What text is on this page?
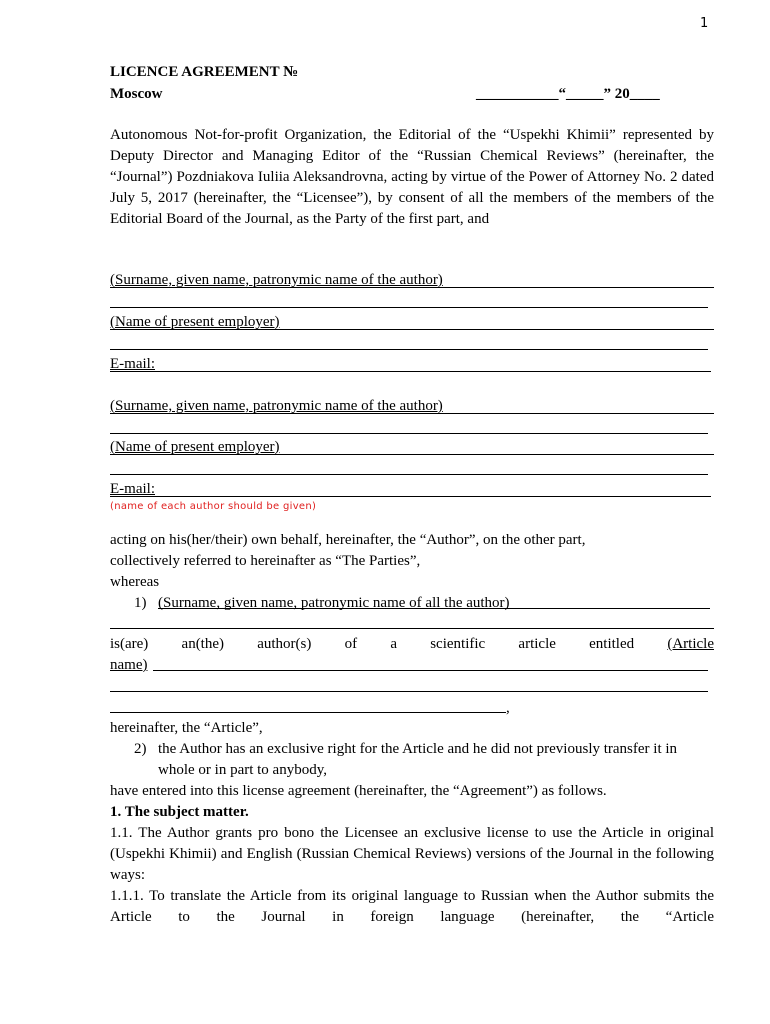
1
LICENCE AGREEMENT №
Moscow	___________“_____” 20____
Autonomous Not-for-profit Organization, the Editorial of the “Uspekhi Khimii” represented by Deputy Director and Managing Editor of the “Russian Chemical Reviews” (hereinafter, the “Journal”) Pozdniakova Iuliia Aleksandrovna, acting by virtue of the Power of Attorney No. 2 dated July 5, 2017 (hereinafter, the “Licensee”), by consent of all the members of the members of the Editorial Board of the Journal, as the Party of the first part, and
(Surname, given name, patronymic name of the author)
(Name of present employer)
E-mail:
(Surname, given name, patronymic name of the author)
(Name of present employer)
E-mail:
(name of each author should be given)
acting on his(her/their) own behalf, hereinafter, the “Author”, on the other part,
collectively referred to hereinafter as “The Parties”,
whereas
1) (Surname, given name, patronymic name of all the author)
is(are) an(the) author(s) of a scientific article entitled (Article
name)
,
hereinafter, the “Article”,
2) the Author has an exclusive right for the Article and he did not previously transfer it in whole or in part to anybody,
have entered into this license agreement (hereinafter, the “Agreement”) as follows.
1. The subject matter.
1.1. The Author grants pro bono the Licensee an exclusive license to use the Article in original (Uspekhi Khimii) and English (Russian Chemical Reviews) versions of the Journal in the following ways:
1.1.1. To translate the Article from its original language to Russian when the Author submits the Article to the Journal in foreign language (hereinafter, the “Article
